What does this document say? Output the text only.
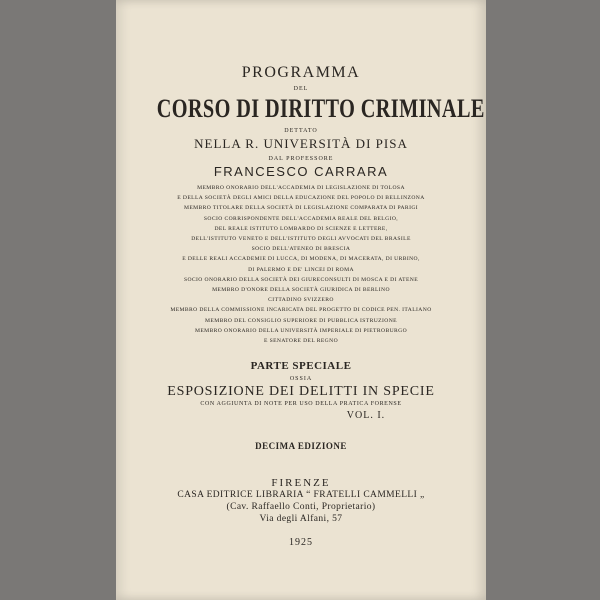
PROGRAMMA
DEL
CORSO DI DIRITTO CRIMINALE
DETTATO
NELLA R. UNIVERSITÀ DI PISA
DAL PROFESSORE
FRANCESCO CARRARA
MEMBRO ONORARIO DELL'ACCADEMIA DI LEGISLAZIONE DI TOLOSA
E DELLA SOCIETÀ DEGLI AMICI DELLA EDUCAZIONE DEL POPOLO DI BELLINZONA
MEMBRO TITOLARE DELLA SOCIETÀ DI LEGISLAZIONE COMPARATA DI PARIGI
SOCIO CORRISPONDENTE DELL'ACCADEMIA REALE DEL BELGIO,
DEL REALE ISTITUTO LOMBARDO DI SCIENZE E LETTERE,
DELL'ISTITUTO VENETO E DELL'ISTITUTO DEGLI AVVOCATI DEL BRASILE
SOCIO DELL'ATENEO DI BRESCIA
E DELLE REALI ACCADEMIE DI LUCCA, DI MODENA, DI MACERATA, DI URBINO,
DI PALERMO E DE' LINCEI DI ROMA
SOCIO ONORARIO DELLA SOCIETÀ DEI GIURECONSULTI DI MOSCA E DI ATENE
MEMBRO D'ONORE DELLA SOCIETÀ GIURIDICA DI BERLINO
CITTADINO SVIZZERO
MEMBRO DELLA COMMISSIONE INCARICATA DEL PROGETTO DI CODICE PEN. ITALIANO
MEMBRO DEL CONSIGLIO SUPERIORE DI PUBBLICA ISTRUZIONE
MEMBRO ONORARIO DELLA UNIVERSITÀ IMPERIALE DI PIETROBURGO
E SENATORE DEL REGNO
PARTE SPECIALE
OSSIA
ESPOSIZIONE DEI DELITTI IN SPECIE
CON AGGIUNTA DI NOTE PER USO DELLA PRATICA FORENSE
VOL. I.
DECIMA EDIZIONE
FIRENZE
CASA EDITRICE LIBRARIA “ FRATELLI CAMMELLI „
(Cav. Raffaello Conti, Proprietario)
Via degli Alfani, 57
1925
